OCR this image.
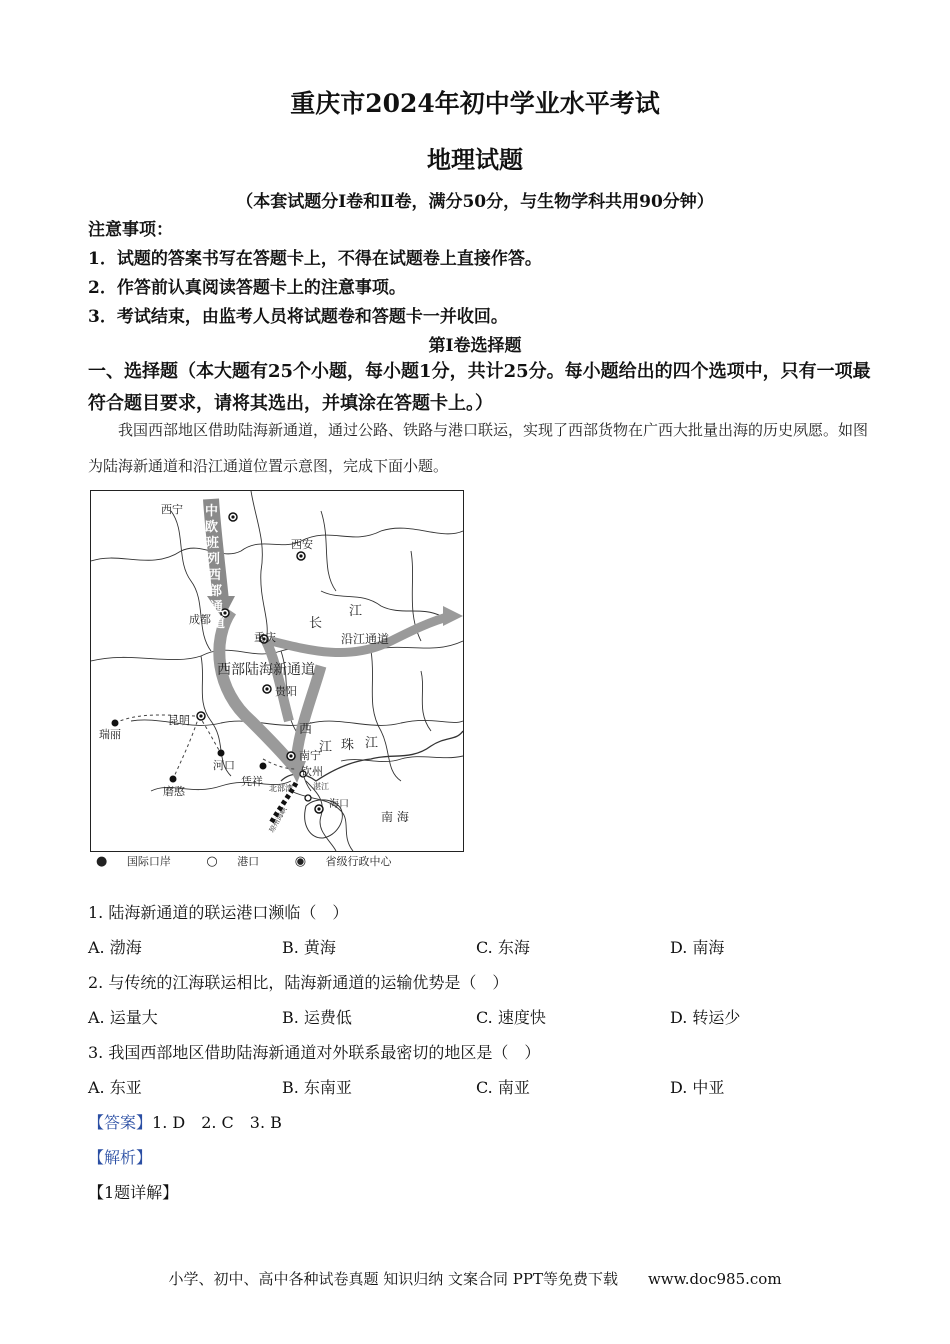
重庆市2024年初中学业水平考试
地理试题
（本套试题分Ⅰ卷和Ⅱ卷，满分50分，与生物学科共用90分钟）
注意事项：
1．试题的答案书写在答题卡上，不得在试题卷上直接作答。
2．作答前认真阅读答题卡上的注意事项。
3．考试结束，由监考人员将试题卷和答题卡一并收回。
第Ⅰ卷选择题
一、选择题（本大题有25个小题，每小题1分，共计25分。每小题给出的四个选项中，只有一项最符合题目要求，请将其选出，并填涂在答题卡上。）
我国西部地区借助陆海新通道，通过公路、铁路与港口联运，实现了西部货物在广西大批量出海的历史夙愿。如图为陆海新通道和沿江通道位置示意图，完成下面小题。
西宁
西安
成都
重庆
贵阳
昆明
瑞丽
河口
磨憨
凭祥
南宁
钦州
北部湾	湛江
海口
南 海
长
江
西
江 珠 江
沿江通道
西部陆海新通道
琼州海峡
中
欧
班
列
西
部
通
道
● 国际口岸	○ 港口	◉ 省级行政中心
1. 陆海新通道的联运港口濒临（　）
A. 渤海	B. 黄海	C. 东海	D. 南海
2. 与传统的江海联运相比，陆海新通道的运输优势是（　）
A. 运量大	B. 运费低	C. 速度快	D. 转运少
3. 我国西部地区借助陆海新通道对外联系最密切的地区是（　）
A. 东亚	B. 东南亚	C. 南亚	D. 中亚
【答案】1. D　2. C　3. B
【解析】
【1题详解】
小学、初中、高中各种试卷真题 知识归纳 文案合同 PPT等免费下载　　www.doc985.com
